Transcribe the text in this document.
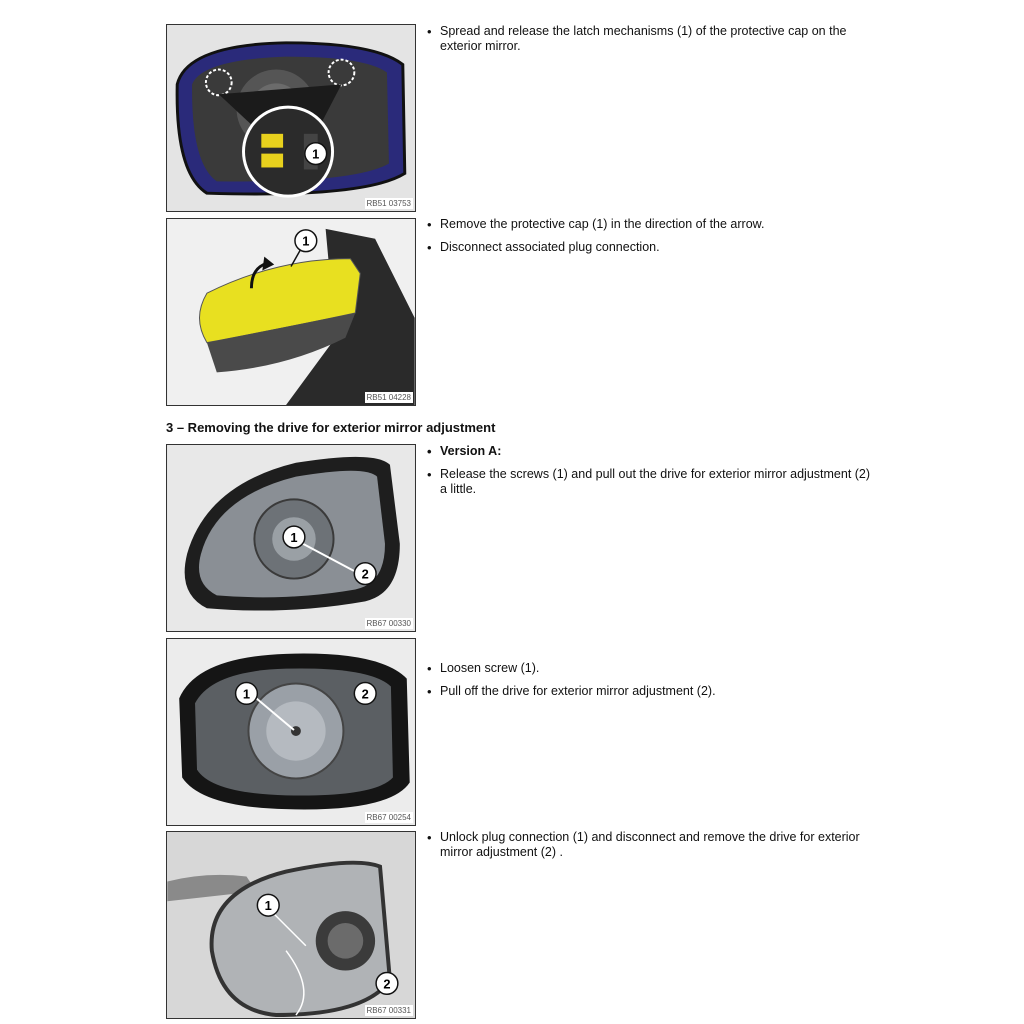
1
RB51 03753
• Spread and release the latch mechanisms (1) of the protective cap on the exterior mirror.
1
RB51 04228
• Remove the protective cap (1) in the direction of the arrow.
• Disconnect associated plug connection.
3 – Removing the drive for exterior mirror adjustment
1
2
RB67 00330
• Version A:
• Release the screws (1) and pull out the drive for exterior mirror adjustment (2) a little.
1	2
RB67 00254
• Loosen screw (1).
• Pull off the drive for exterior mirror adjustment (2).
1
2
RB67 00331
• Unlock plug connection (1) and disconnect and remove the drive for exterior mirror adjustment (2) .
